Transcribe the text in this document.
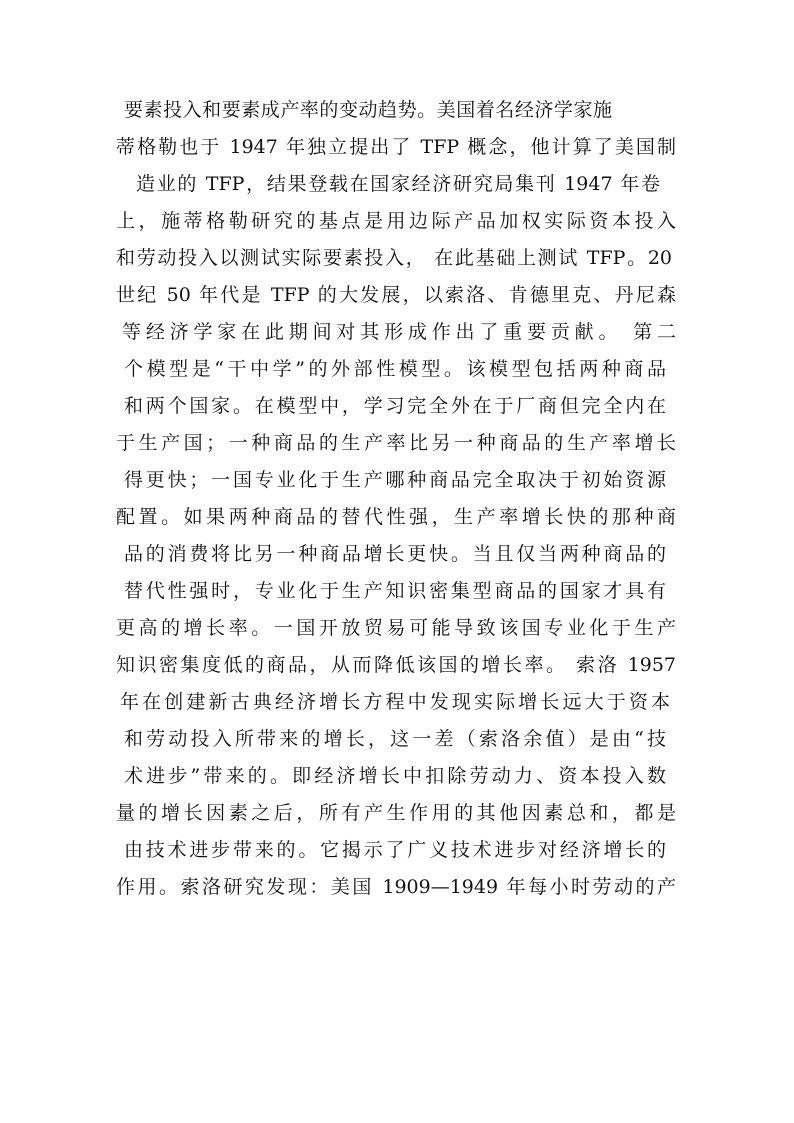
要素投入和要素成产率的变动趋势。美国着名经济学家施
蒂格勒也于 1947 年独立提出了 TFP 概念，他计算了美国制
造业的 TFP，结果登载在国家经济研究局集刊 1947 年卷
上，施蒂格勒研究的基点是用边际产品加权实际资本投入
和劳动投入以测试实际要素投入， 在此基础上测试 TFP。20
世纪 50 年代是 TFP 的大发展，以索洛、肯德里克、丹尼森
等经济学家在此期间对其形成作出了重要贡献。 第二
个模型是“干中学”的外部性模型。该模型包括两种商品
和两个国家。在模型中，学习完全外在于厂商但完全内在
于生产国；一种商品的生产率比另一种商品的生产率增长
得更快；一国专业化于生产哪种商品完全取决于初始资源
配置。如果两种商品的替代性强，生产率增长快的那种商
品的消费将比另一种商品增长更快。当且仅当两种商品的
替代性强时，专业化于生产知识密集型商品的国家才具有
更高的增长率。一国开放贸易可能导致该国专业化于生产
知识密集度低的商品，从而降低该国的增长率。 索洛 1957
年在创建新古典经济增长方程中发现实际增长远大于资本
和劳动投入所带来的增长，这一差（索洛余值）是由“技
术进步”带来的。即经济增长中扣除劳动力、资本投入数
量的增长因素之后，所有产生作用的其他因素总和，都是
由技术进步带来的。它揭示了广义技术进步对经济增长的
作用。索洛研究发现：美国 1909—1949 年每小时劳动的产
